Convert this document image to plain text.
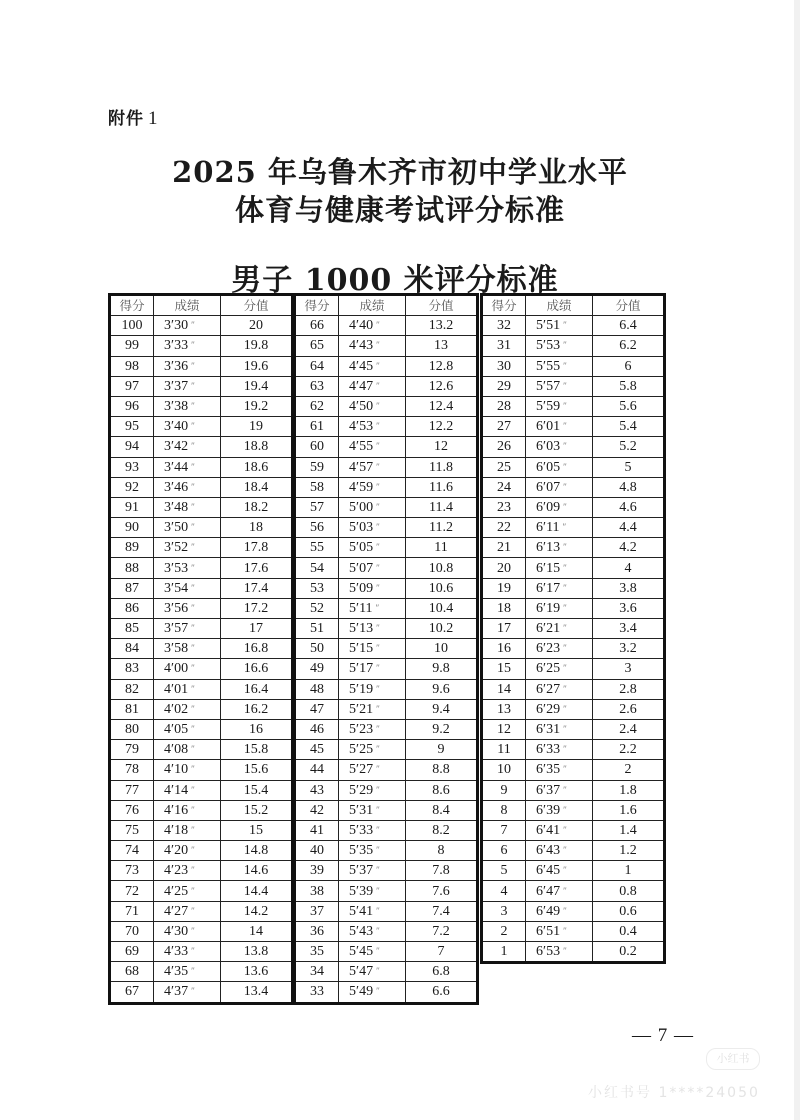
附件 1
2025 年乌鲁木齐市初中学业水平
体育与健康考试评分标准
男子 1000 米评分标准
得分	成绩	分值
100	3′30 ″	20
99	3′33 ″	19.8
98	3′36 ″	19.6
97	3′37 ″	19.4
96	3′38 ″	19.2
95	3′40 ″	19
94	3′42 ″	18.8
93	3′44 ″	18.6
92	3′46 ″	18.4
91	3′48 ″	18.2
90	3′50 ″	18
89	3′52 ″	17.8
88	3′53 ″	17.6
87	3′54 ″	17.4
86	3′56 ″	17.2
85	3′57 ″	17
84	3′58 ″	16.8
83	4′00 ″	16.6
82	4′01 ″	16.4
81	4′02 ″	16.2
80	4′05 ″	16
79	4′08 ″	15.8
78	4′10 ″	15.6
77	4′14 ″	15.4
76	4′16 ″	15.2
75	4′18 ″	15
74	4′20 ″	14.8
73	4′23 ″	14.6
72	4′25 ″	14.4
71	4′27 ″	14.2
70	4′30 ″	14
69	4′33 ″	13.8
68	4′35 ″	13.6
67	4′37 ″	13.4
得分	成绩	分值
66	4′40 ″	13.2
65	4′43 ″	13
64	4′45 ″	12.8
63	4′47 ″	12.6
62	4′50 ″	12.4
61	4′53 ″	12.2
60	4′55 ″	12
59	4′57 ″	11.8
58	4′59 ″	11.6
57	5′00 ″	11.4
56	5′03 ″	11.2
55	5′05 ″	11
54	5′07 ″	10.8
53	5′09 ″	10.6
52	5′11 ″	10.4
51	5′13 ″	10.2
50	5′15 ″	10
49	5′17 ″	9.8
48	5′19 ″	9.6
47	5′21 ″	9.4
46	5′23 ″	9.2
45	5′25 ″	9
44	5′27 ″	8.8
43	5′29 ″	8.6
42	5′31 ″	8.4
41	5′33 ″	8.2
40	5′35 ″	8
39	5′37 ″	7.8
38	5′39 ″	7.6
37	5′41 ″	7.4
36	5′43 ″	7.2
35	5′45 ″	7
34	5′47 ″	6.8
33	5′49 ″	6.6
得分	成绩	分值
32	5′51 ″	6.4
31	5′53 ″	6.2
30	5′55 ″	6
29	5′57 ″	5.8
28	5′59 ″	5.6
27	6′01 ″	5.4
26	6′03 ″	5.2
25	6′05 ″	5
24	6′07 ″	4.8
23	6′09 ″	4.6
22	6′11 ″	4.4
21	6′13 ″	4.2
20	6′15 ″	4
19	6′17 ″	3.8
18	6′19 ″	3.6
17	6′21 ″	3.4
16	6′23 ″	3.2
15	6′25 ″	3
14	6′27 ″	2.8
13	6′29 ″	2.6
12	6′31 ″	2.4
11	6′33 ″	2.2
10	6′35 ″	2
9	6′37 ″	1.8
8	6′39 ″	1.6
7	6′41 ″	1.4
6	6′43 ″	1.2
5	6′45 ″	1
4	6′47 ″	0.8
3	6′49 ″	0.6
2	6′51 ″	0.4
1	6′53 ″	0.2
— 7 —
小红书
小红书号 1****24050
